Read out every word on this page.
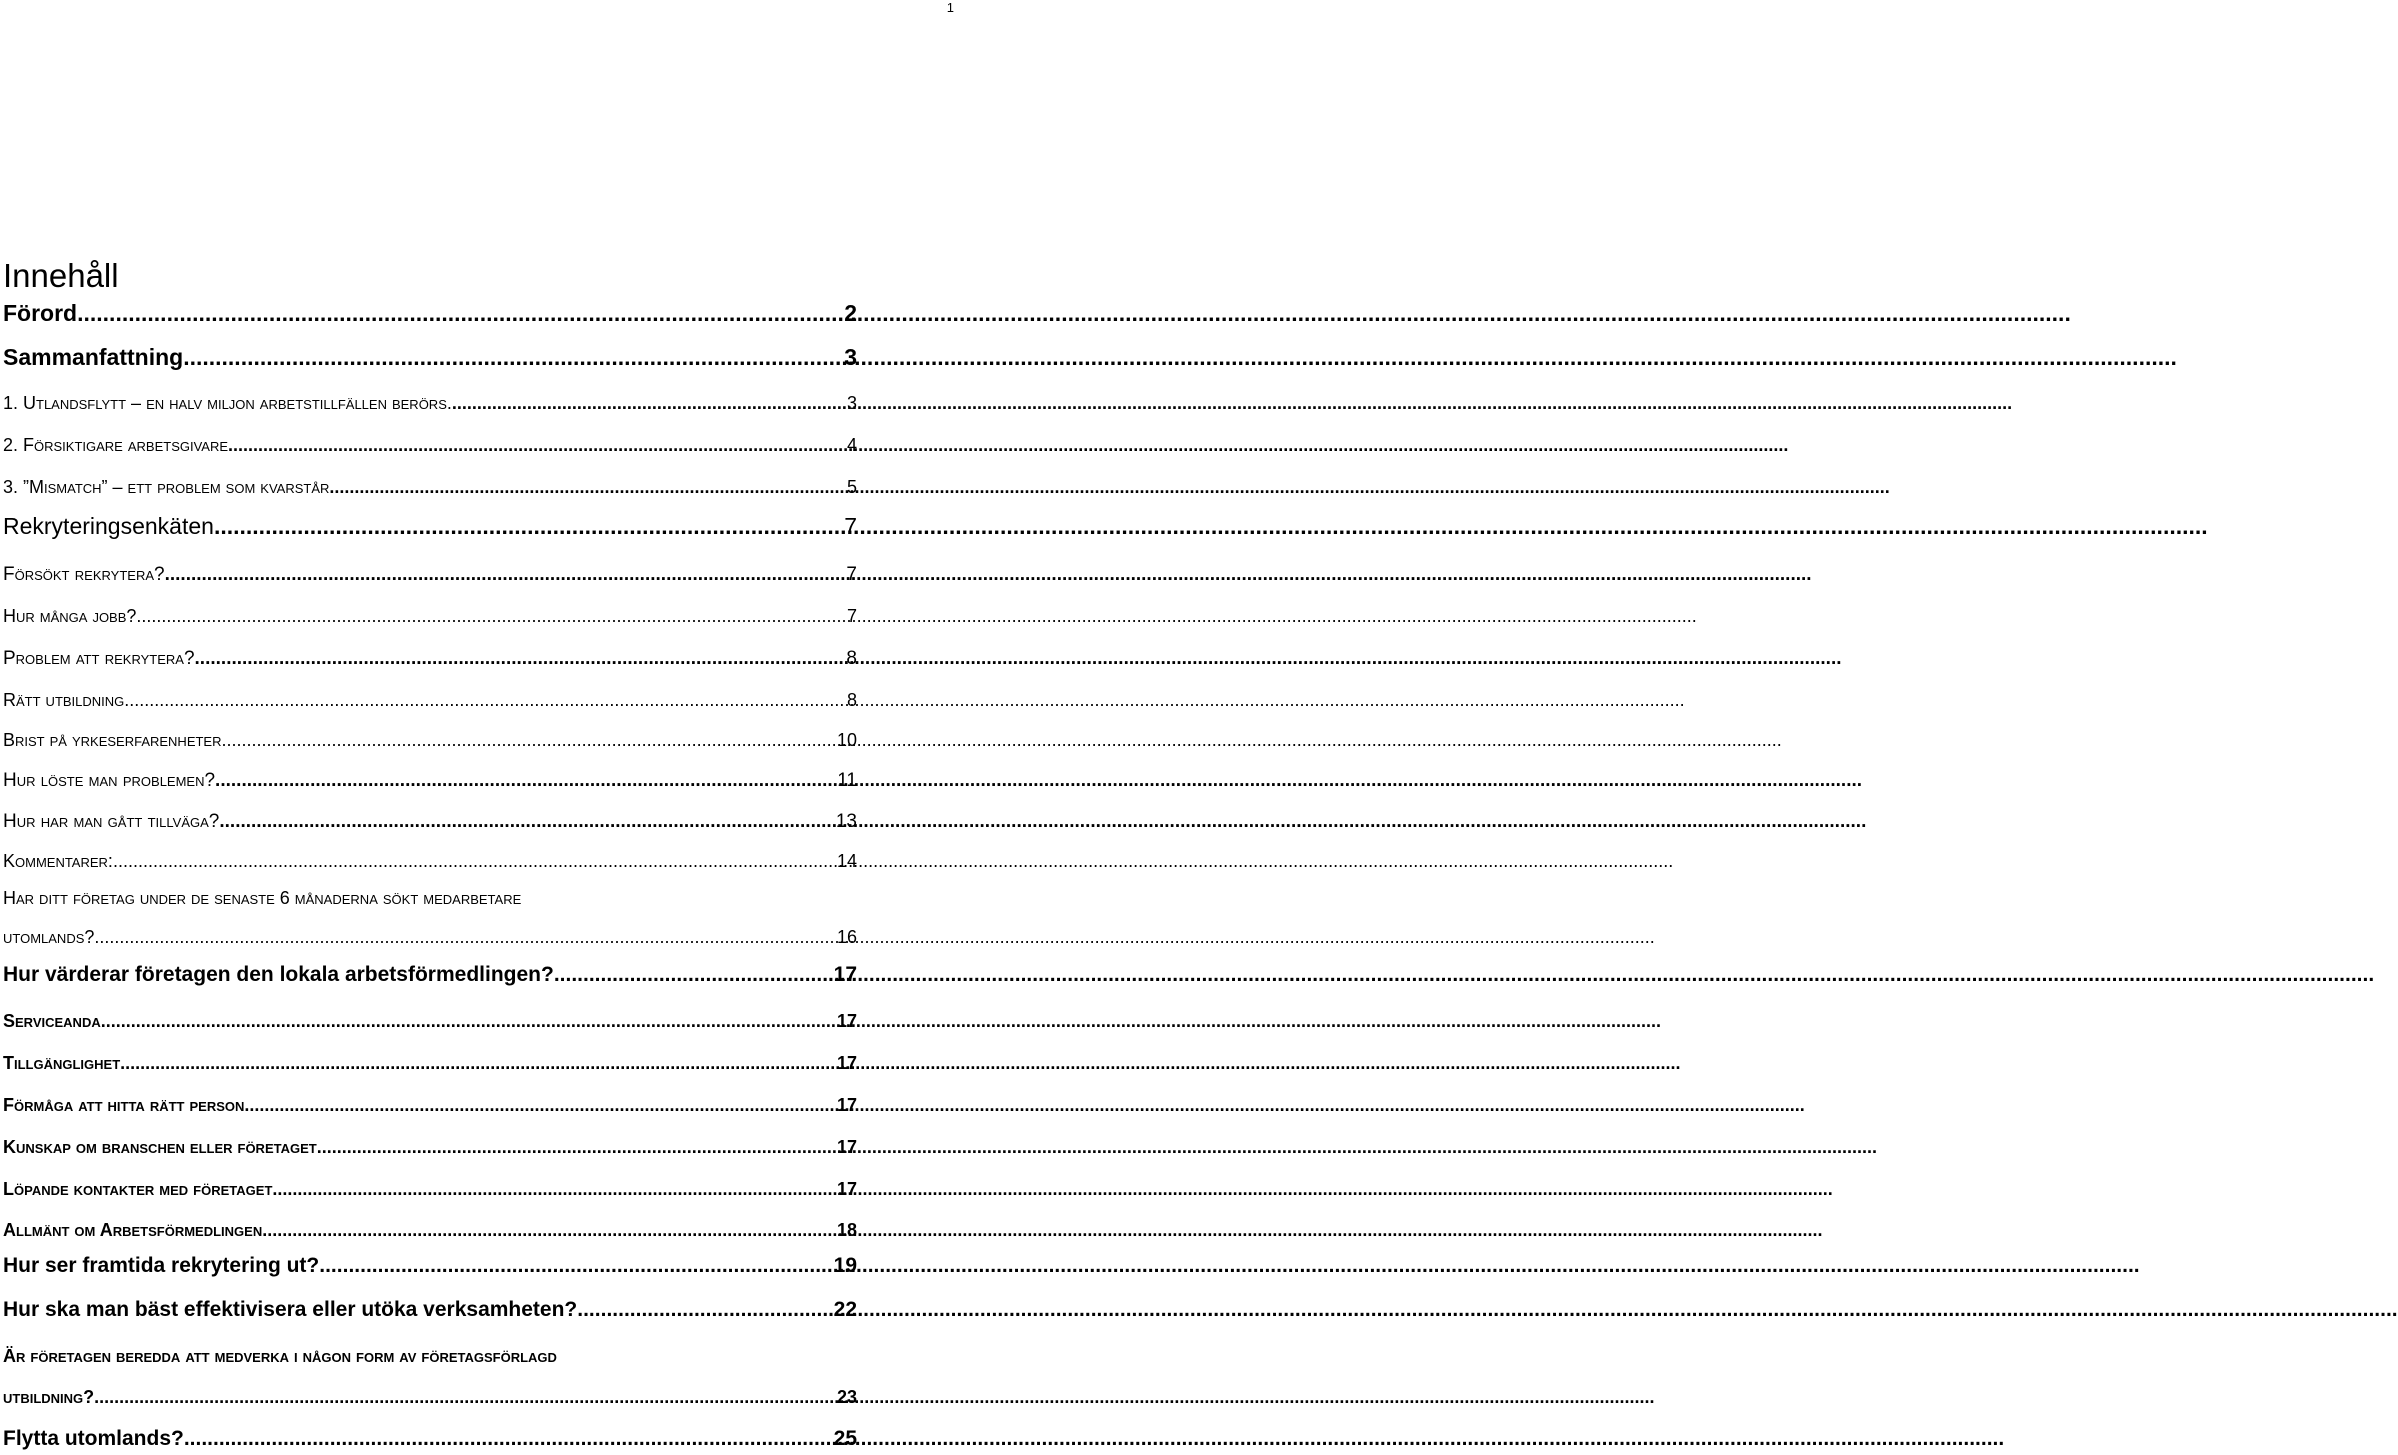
1
Innehåll
Förord .....	2
Sammanfattning .....	3
1. Utlandsflytt – en halv miljon arbetstillfällen berörs. .....	3
2. Försiktigare arbetsgivare .....	4
3. ”Mismatch” – ett problem som kvarstår .....	5
Rekryteringsenkäten .....	7
Försökt rekrytera? .....	7
Hur många jobb? .....	7
Problem att rekrytera? .....	8
Rätt utbildning .....	8
Brist på yrkeserfarenheter .....	10
Hur löste man problemen? .....	11
Hur har man gått tillväga? .....	13
Kommentarer: .....	14
Har ditt företag under de senaste 6 månaderna sökt medarbetare
utomlands? .....	16
Hur värderar företagen den lokala arbetsförmedlingen? .....	17
Serviceanda .....	17
Tillgänglighet .....	17
Förmåga att hitta rätt person .....	17
Kunskap om branschen eller företaget .....	17
Löpande kontakter med företaget .....	17
Allmänt om Arbetsförmedlingen .....	18
Hur ser framtida rekrytering ut? .....	19
Hur ska man bäst effektivisera eller utöka verksamheten? .....	22
Är företagen beredda att medverka i någon form av företagsförlagd
utbildning? .....	23
Flytta utomlands? .....	25
